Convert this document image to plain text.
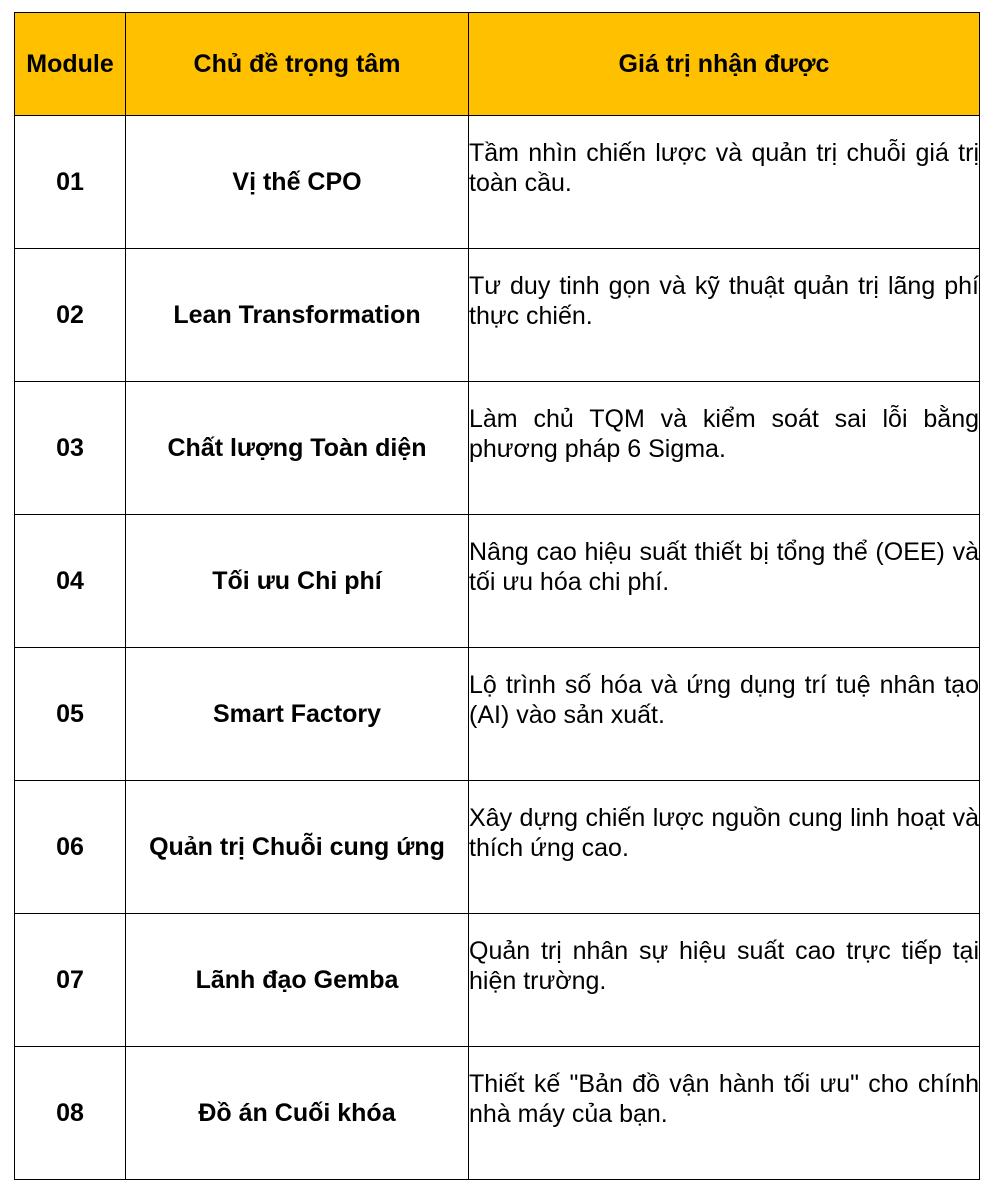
Module	Chủ đề trọng tâm	Giá trị nhận được
01	Vị thế CPO	Tầm nhìn chiến lược và quản trị chuỗi giá trị toàn cầu.

02	Lean Transformation	Tư duy tinh gọn và kỹ thuật quản trị lãng phí thực chiến.

03	Chất lượng Toàn diện	Làm chủ TQM và kiểm soát sai lỗi bằng phương pháp 6 Sigma.

04	Tối ưu Chi phí	Nâng cao hiệu suất thiết bị tổng thể (OEE) và tối ưu hóa chi phí.

05	Smart Factory	Lộ trình số hóa và ứng dụng trí tuệ nhân tạo (AI) vào sản xuất.

06	Quản trị Chuỗi cung ứng	Xây dựng chiến lược nguồn cung linh hoạt và thích ứng cao.

07	Lãnh đạo Gemba	Quản trị nhân sự hiệu suất cao trực tiếp tại hiện trường.

08	Đồ án Cuối khóa	Thiết kế "Bản đồ vận hành tối ưu" cho chính nhà máy của bạn.
